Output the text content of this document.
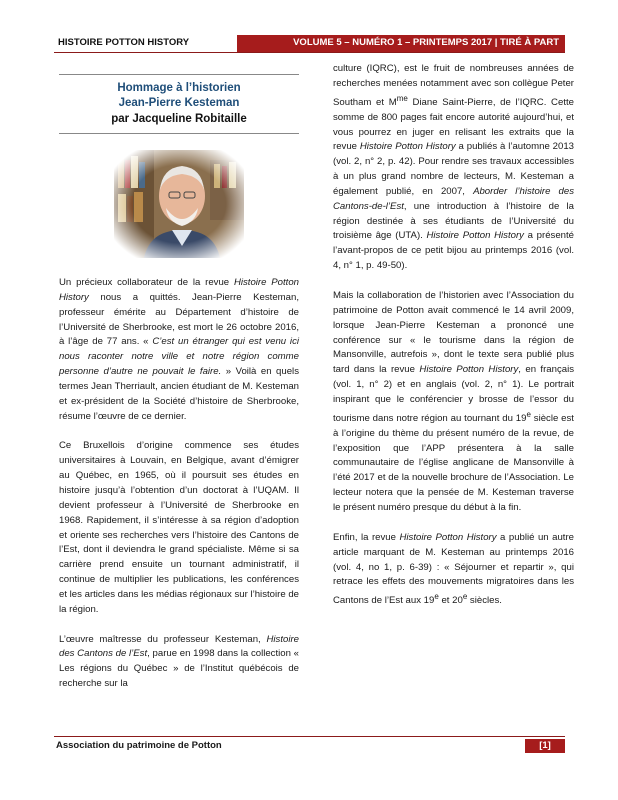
HISTOIRE POTTON HISTORY	VOLUME 5 – NUMÉRO 1 – PRINTEMPS 2017 | TIRÉ À PART
Hommage à l’historien
Jean-Pierre Kesteman
par Jacqueline Robitaille

Un précieux collaborateur de la revue Histoire Potton History nous a quittés. Jean-Pierre Kesteman, professeur émérite au Département d’histoire de l’Université de Sherbrooke, est mort le 26 octobre 2016, à l’âge de 77 ans. « C’est un étranger qui est venu ici nous raconter notre ville et notre région comme personne d’autre ne pouvait le faire. » Voilà en quels termes Jean Therriault, ancien étudiant de M. Kesteman et ex-président de la Société d’histoire de Sherbrooke, résume l’œuvre de ce dernier.

Ce Bruxellois d’origine commence ses études universitaires à Louvain, en Belgique, avant d’émigrer au Québec, en 1965, où il poursuit ses études en histoire jusqu’à l’obtention d’un doctorat à l’UQAM. Il devient professeur à l’Université de Sherbrooke en 1968. Rapidement, il s’intéresse à sa région d’adoption et oriente ses recherches vers l’histoire des Cantons de l’Est, dont il deviendra le grand spécialiste. Même si sa carrière prend ensuite un tournant administratif, il continue de multiplier les publications, les conférences et les articles dans les médias régionaux sur l’histoire de la région.

L’œuvre maîtresse du professeur Kesteman, Histoire des Cantons de l’Est, parue en 1998 dans la collection « Les régions du Québec » de l’Institut québécois de recherche sur la

culture (IQRC), est le fruit de nombreuses années de recherches menées notamment avec son collègue Peter Southam et $M^{me}$ Diane Saint-Pierre, de l’IQRC. Cette somme de 800 pages fait encore autorité aujourd’hui, et vous pourrez en juger en relisant les extraits que la revue Histoire Potton History a publiés à l’automne 2013 (vol. 2, n° 2, p. 42). Pour rendre ses travaux accessibles à un plus grand nombre de lecteurs, M. Kesteman a également publié, en 2007, Aborder l’histoire des Cantons-de-l’Est, une introduction à l’histoire de la région destinée à ses étudiants de l’Université du troisième âge (UTA). Histoire Potton History a présenté l’avant-propos de ce petit bijou au printemps 2016 (vol. 4, n° 1, p. 49-50).

Mais la collaboration de l’historien avec l’Association du patrimoine de Potton avait commencé le 14 avril 2009, lorsque Jean-Pierre Kesteman a prononcé une conférence sur « le tourisme dans la région de Mansonville, autrefois », dont le texte sera publié plus tard dans la revue Histoire Potton History, en français (vol. 1, n° 2) et en anglais (vol. 2, n° 1). Le portrait inspirant que le conférencier y brosse de l’essor du tourisme dans notre région au tournant du 19e siècle est à l’origine du thème du présent numéro de la revue, de l’exposition que l’APP présentera à la salle communautaire de l’église anglicane de Mansonville à l’été 2017 et de la nouvelle brochure de l’Association. Le lecteur notera que la pensée de M. Kesteman traverse le présent numéro presque du début à la fin.

Enfin, la revue Histoire Potton History a publié un autre article marquant de M. Kesteman au printemps 2016 (vol. 4, no 1, p. 6-39) : « Séjourner et repartir », qui retrace les effets des mouvements migratoires dans les Cantons de l’Est aux 19e et 20e siècles.

Association du patrimoine de Potton	[1]
